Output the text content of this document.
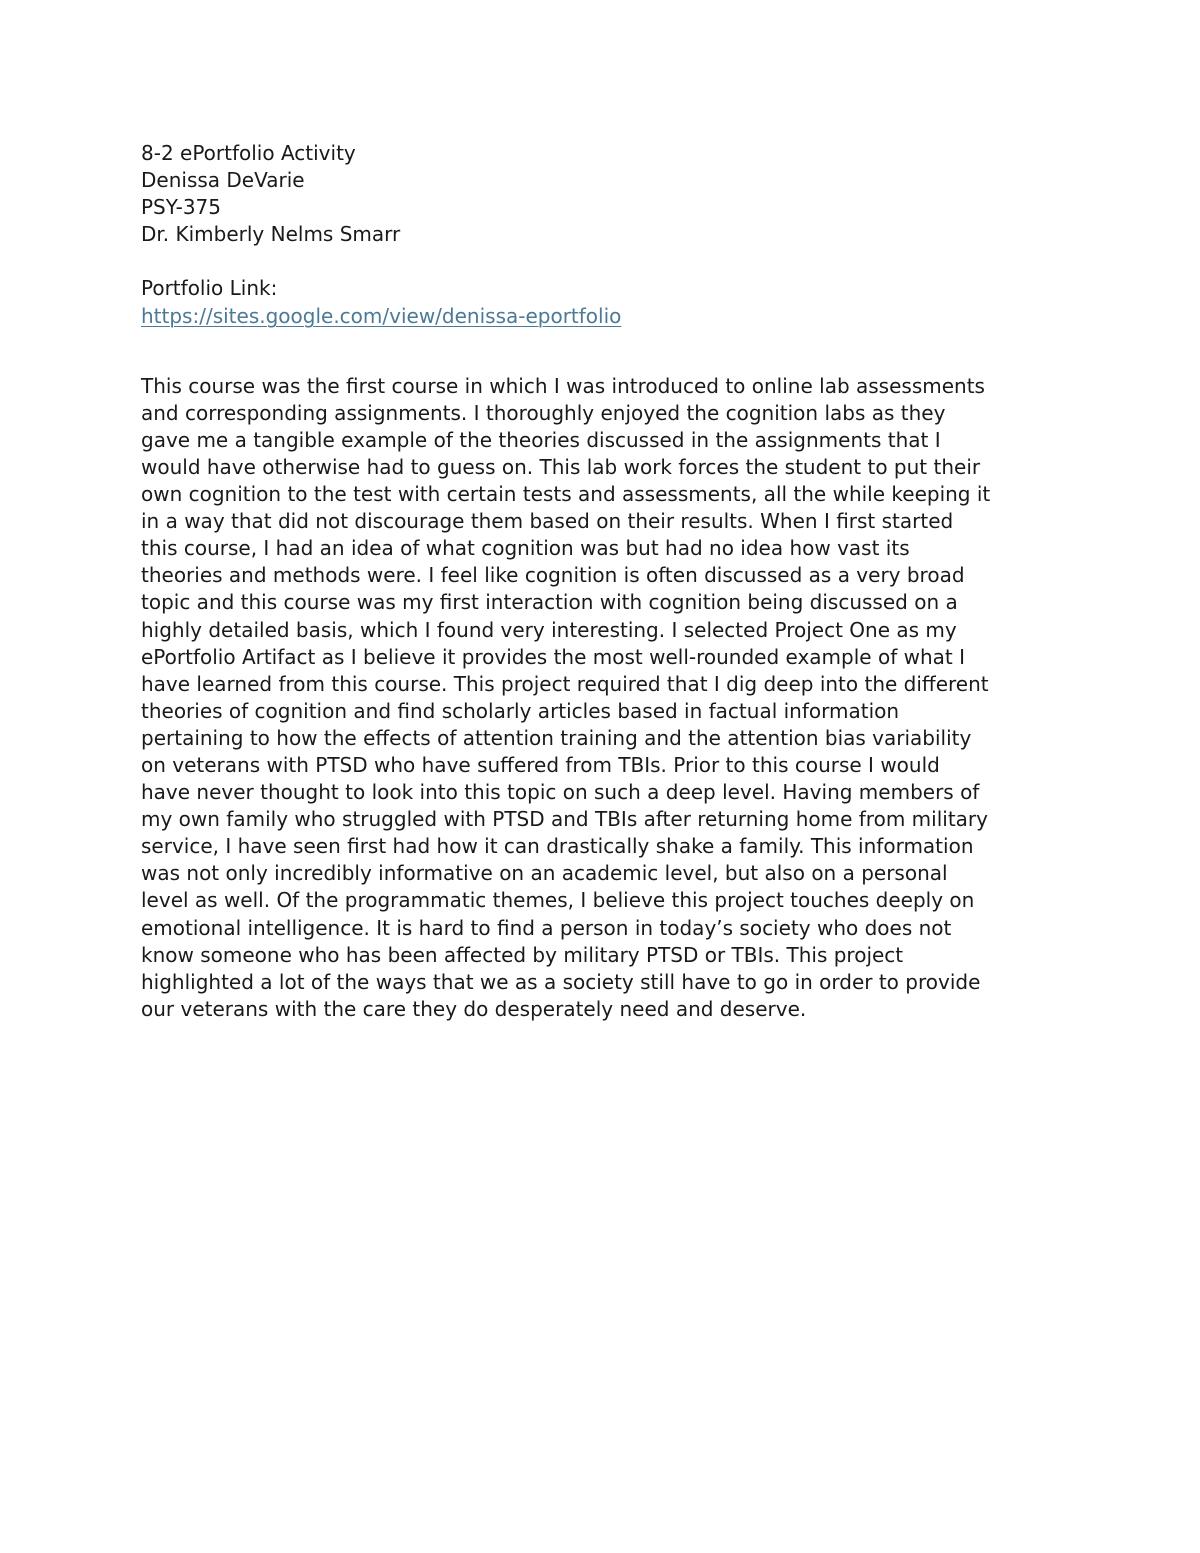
8-2 ePortfolio Activity
Denissa DeVarie
PSY-375
Dr. Kimberly Nelms Smarr
Portfolio Link:
https://sites.google.com/view/denissa-eportfolio
This course was the first course in which I was introduced to online lab assessments
and corresponding assignments. I thoroughly enjoyed the cognition labs as they
gave me a tangible example of the theories discussed in the assignments that I
would have otherwise had to guess on. This lab work forces the student to put their
own cognition to the test with certain tests and assessments, all the while keeping it
in a way that did not discourage them based on their results. When I first started
this course, I had an idea of what cognition was but had no idea how vast its
theories and methods were. I feel like cognition is often discussed as a very broad
topic and this course was my first interaction with cognition being discussed on a
highly detailed basis, which I found very interesting. I selected Project One as my
ePortfolio Artifact as I believe it provides the most well-rounded example of what I
have learned from this course. This project required that I dig deep into the different
theories of cognition and find scholarly articles based in factual information
pertaining to how the effects of attention training and the attention bias variability
on veterans with PTSD who have suffered from TBIs. Prior to this course I would
have never thought to look into this topic on such a deep level. Having members of
my own family who struggled with PTSD and TBIs after returning home from military
service, I have seen first had how it can drastically shake a family. This information
was not only incredibly informative on an academic level, but also on a personal
level as well. Of the programmatic themes, I believe this project touches deeply on
emotional intelligence. It is hard to find a person in today’s society who does not
know someone who has been affected by military PTSD or TBIs. This project
highlighted a lot of the ways that we as a society still have to go in order to provide
our veterans with the care they do desperately need and deserve.
